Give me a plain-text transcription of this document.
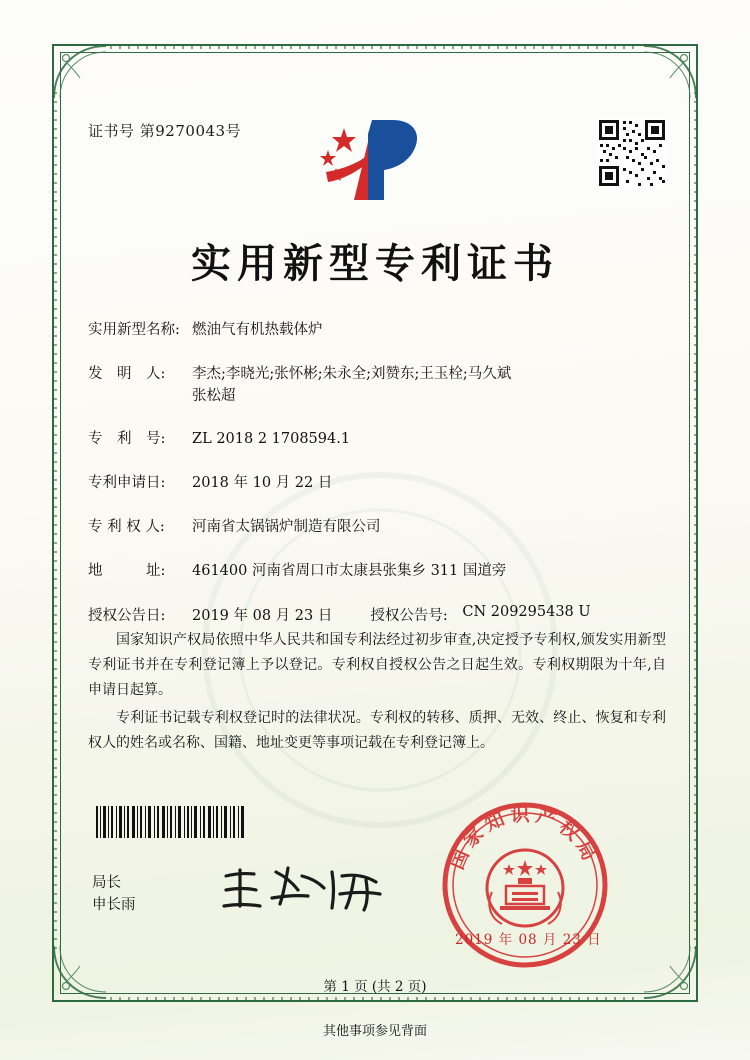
证书号 第9270043号
实用新型专利证书
实用新型名称: 燃油气有机热载体炉
发　明　人:	李杰;李晓光;张怀彬;朱永全;刘赞东;王玉栓;马久斌
张松超
专　利　号:	ZL 2018 2 1708594.1
专利申请日:	2018 年 10 月 22 日
专 利 权 人:	河南省太锅锅炉制造有限公司
地　　　址:	461400 河南省周口市太康县张集乡 311 国道旁
授权公告日:	2019 年 08 月 23 日	授权公告号:	CN 209295438 U

国家知识产权局依照中华人民共和国专利法经过初步审查,决定授予专利权,颁发实用新型专利证书并在专利登记簿上予以登记。专利权自授权公告之日起生效。专利权期限为十年,自申请日起算。

专利证书记载专利权登记时的法律状况。专利权的转移、质押、无效、终止、恢复和专利权人的姓名或名称、国籍、地址变更等事项记载在专利登记簿上。

国家知识产权局
2019 年 08 月 23 日
局长
申长雨
第 1 页 (共 2 页)
其他事项参见背面
